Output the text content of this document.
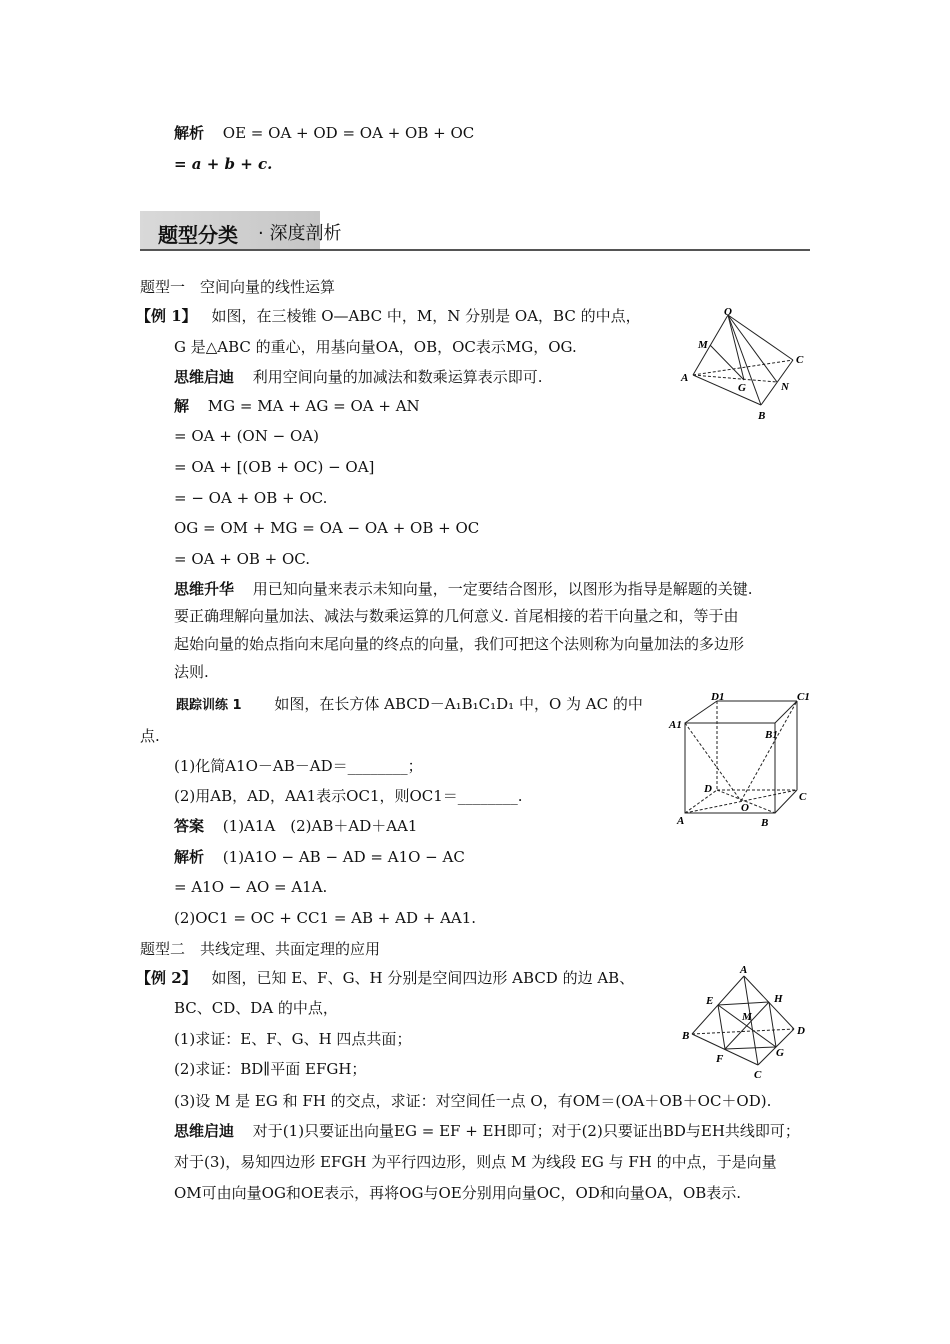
解析 OE = OA + OD = OA + OB + OC
= a + b + c.
题型分类 · 深度剖析
题型一　空间向量的线性运算
【例 1】 如图，在三棱锥 O—ABC 中，M，N 分别是 OA，BC 的中点，
G 是△ABC 的重心，用基向量OA，OB，OC表示MG，OG.
思维启迪 利用空间向量的加减法和数乘运算表示即可.
解 MG = MA + AG = OA + AN
= OA + (ON − OA)
= OA + [(OB + OC) − OA]
= − OA + OB + OC.
OG = OM + MG = OA − OA + OB + OC
= OA + OB + OC.
思维升华 用已知向量来表示未知向量，一定要结合图形，以图形为指导是解题的关键.
要正确理解向量加法、减法与数乘运算的几何意义. 首尾相接的若干向量之和，等于由
起始向量的始点指向末尾向量的终点的向量，我们可把这个法则称为向量加法的多边形
法则.
O
M
A
G
C
N
B
跟踪训练 1 如图，在长方体 ABCD－A₁B₁C₁D₁ 中，O 为 AC 的中
点.
(1)化简A1O－AB－AD＝________；
(2)用AB，AD，AA1表示OC1，则OC1＝________.
答案 (1)A1A　(2)AB＋AD＋AA1
解析 (1)A1O − AB − AD = A1O − AC
= A1O − AO = A1A.
(2)OC1 = OC + CC1 = AB + AD + AA1.
D1	C1
A1
B1
D
O
C
A	B
题型二　共线定理、共面定理的应用
【例 2】 如图，已知 E、F、G、H 分别是空间四边形 ABCD 的边 AB、
BC、CD、DA 的中点，
(1)求证：E、F、G、H 四点共面；
(2)求证：BD∥平面 EFGH；
(3)设 M 是 EG 和 FH 的交点，求证：对空间任一点 O，有OM＝(OA＋OB＋OC＋OD).
思维启迪 对于(1)只要证出向量EG = EF + EH即可；对于(2)只要证出BD与EH共线即可；
对于(3)，易知四边形 EFGH 为平行四边形，则点 M 为线段 EG 与 FH 的中点，于是向量
OM可由向量OG和OE表示，再将OG与OE分别用向量OC，OD和向量OA，OB表示.
A
E	H
B
M
D
F	G
C
